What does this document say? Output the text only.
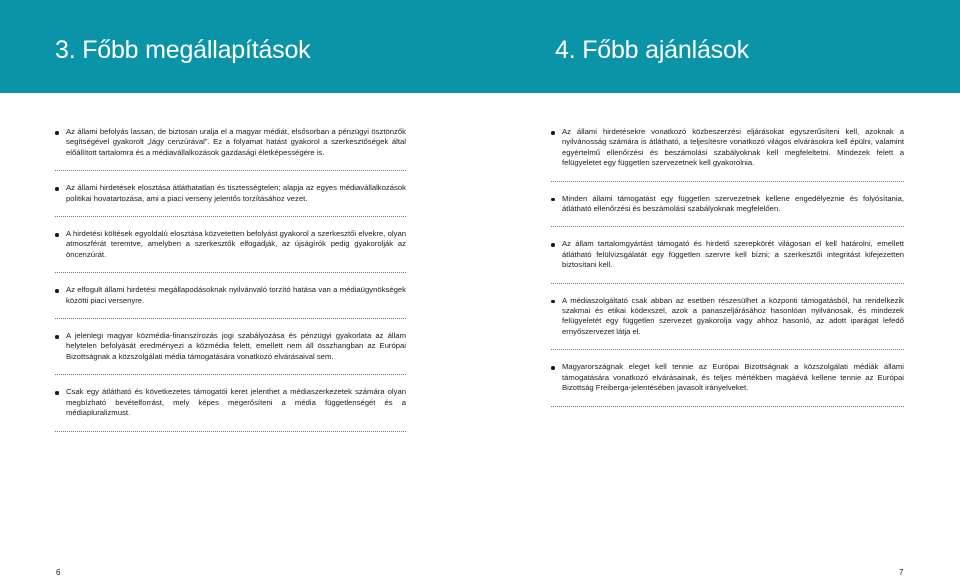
3. Főbb megállapítások	4. Főbb ajánlások
Az állami befolyás lassan, de biztosan uralja el a magyar médiát, elsősorban a pénzügyi ösztönzők segítségével gyakorolt „lágy cenzúrával”. Ez a folyamat hatást gyakorol a szerkesztőségek által előállított tartalomra és a médiavállalkozások gazdasági életképességére is.
Az állami hirdetések elosztása átláthatatlan és tisztességtelen; alapja az egyes médiavállalkozások politikai hovatartozása, ami a piaci verseny jelentős torzításához vezet.
A hirdetési költések egyoldalú elosztása közvetetten befolyást gyakorol a szerkesztői elvekre, olyan atmoszférát teremtve, amelyben a szerkesztők elfogadják, az újságírók pedig gyakorolják az öncenzúrát.
Az elfogult állami hirdetési megállapodásoknak nyilvánvaló torzító hatása van a médiaügynökségek közötti piaci versenyre.
A jelenlegi magyar közmédia-finanszírozás jogi szabályozása és pénzügyi gyakorlata az állam helytelen befolyását eredményezi a közmédia felett, emellett nem áll összhangban az Európai Bizottságnak a közszolgálati média támogatására vonatkozó elvárásaival sem.
Csak egy átlátható és következetes támogatói keret jelenthet a médiaszerkezetek számára olyan megbízható bevételforrást, mely képes megerősíteni a média függetlenségét és a médiapluralizmust.
Az állami hirdetésekre vonatkozó közbeszerzési eljárásokat egyszerűsíteni kell, azoknak a nyilvánosság számára is átlátható, a teljesítésre vonatkozó világos elvárásokra kell épülni, valamint egyértelmű ellenőrzési és beszámolási szabályoknak kell megfeleltetni. Mindezek felett a felügyeletet egy független szervezetnek kell gyakorolnia.
Minden állami támogatást egy független szervezetnek kellene engedélyeznie és folyósítania, átlátható ellenőrzési és beszámolási szabályoknak megfelelően.
Az állam tartalomgyártást támogató és hirdető szerepkörét világosan el kell határolni, emellett átlátható felülvizsgálatát egy független szervre kell bízni; a szerkesztői integritást kifejezetten biztosítani kell.
A médiaszolgáltató csak abban az esetben részesülhet a központi támogatásból, ha rendelkezik szakmai és etikai kódexszel, azok a panaszeljárásához hasonlóan nyilvánosak, és mindezek felügyeletét egy független szervezet gyakorolja vagy ahhoz hasonló, az adott iparágat lefedő ernyőszervezet látja el.
Magyarországnak eleget kell tennie az Európai Bizottságnak a közszolgálati médiák állami támogatására vonatkozó elvárásainak, és teljes mértékben magáévá kellene tennie az Európai Bizottság Freiberga-jelentésében javasolt irányelveket.
6	7
